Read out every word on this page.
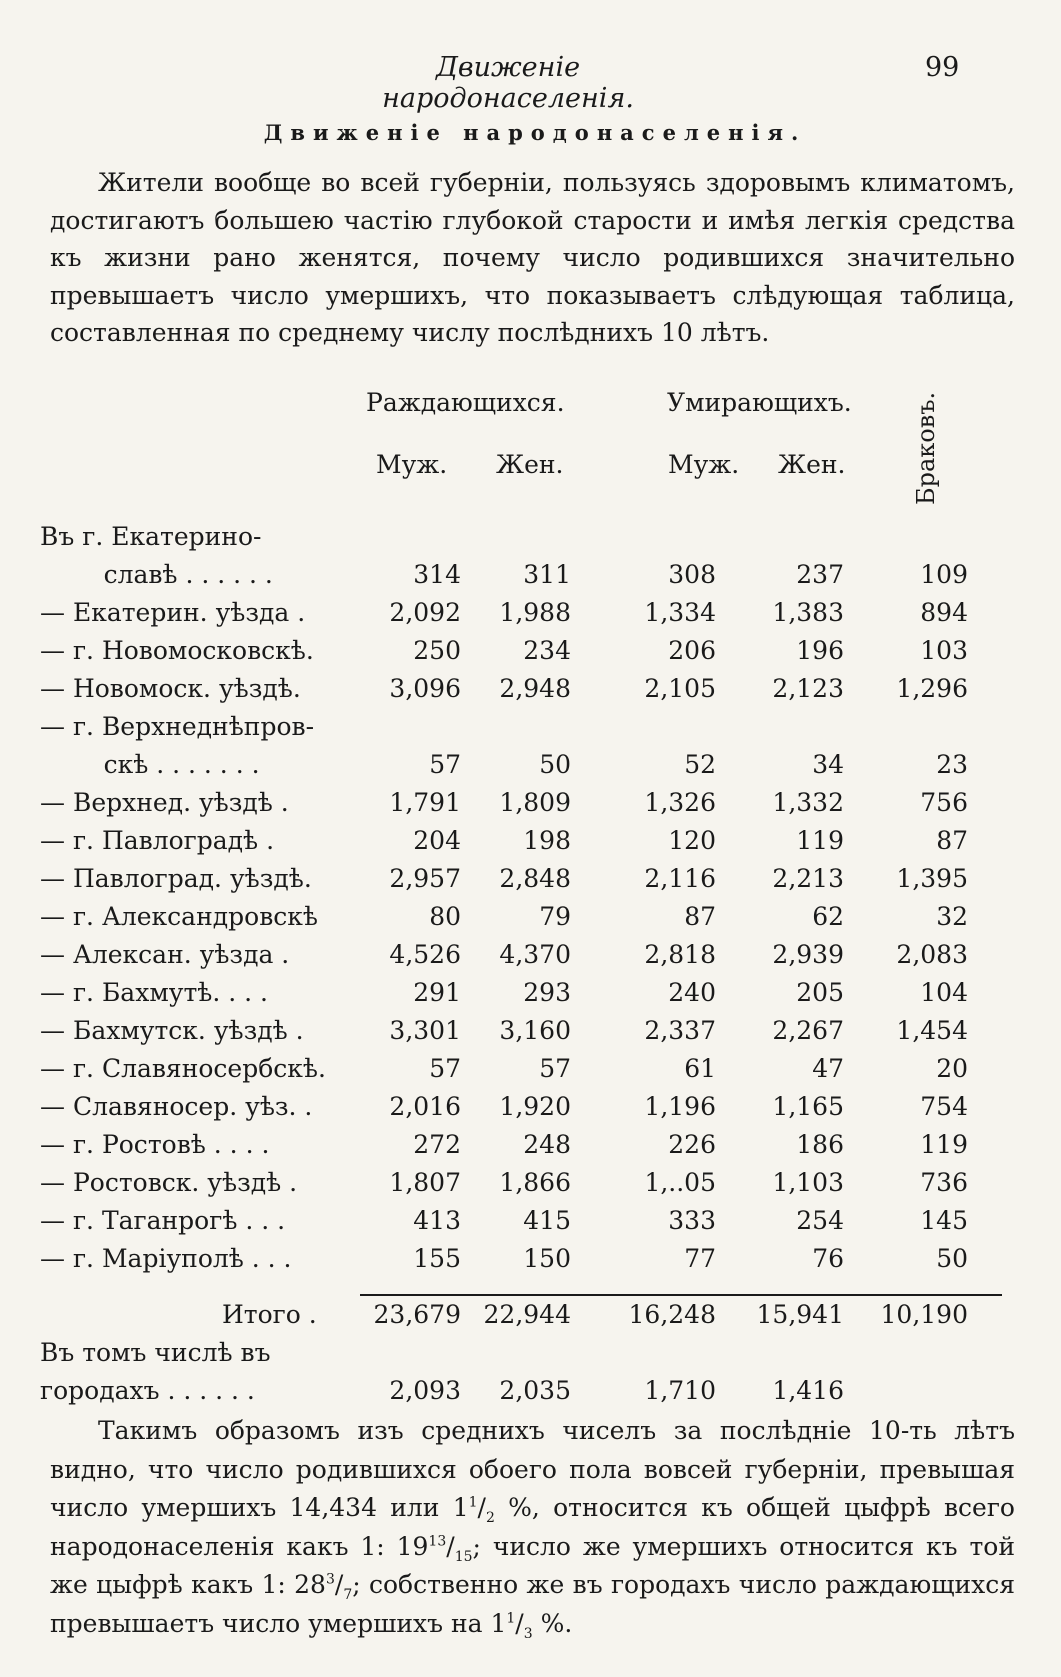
Движеніе народонаселенія.
99
Движеніе народонаселенія.
Жители вообще во всей губерніи, пользуясь здоровымъ климатомъ, достигаютъ большею частію глубокой старости и имѣя легкія средства къ жизни рано женятся, почему число родившихся значительно превышаетъ число умершихъ, что показываетъ слѣдующая таблица, составленная по среднему числу послѣднихъ 10 лѣтъ.
Раждающихся.	Умирающихъ.	Браковъ.
Муж. Жен.	Муж. Жен.
Въ г. Екатерино-
славѣ . . . . . .	314 311	308	237	109
— Екатерин. уѣзда .	2,092 1,988	1,334 1,383	894
— г. Новомосковскѣ.	250 234	206	196	103
— Новомоск. уѣздѣ.	3,096 2,948	2,105 2,123 1,296
— г. Верхнеднѣпров-
скѣ . . . . . . .	57	50	52	34	23
— Верхнед. уѣздѣ .	1,791 1,809	1,326 1,332	756
— г. Павлоградѣ .	204 198	120	119	87
— Павлоград. уѣздѣ.	2,957 2,848	2,116 2,213 1,395
— г. Александровскѣ	80	79	87	62	32
— Алексан. уѣзда .	4,526 4,370	2,818 2,939 2,083
— г. Бахмутѣ. . . .	291 293	240	205	104
— Бахмутск. уѣздѣ .	3,301 3,160	2,337 2,267 1,454
— г. Славяносербскѣ.	57	57	61	47	20
— Славяносер. уѣз. .	2,016 1,920	1,196 1,165	754
— г. Ростовѣ . . . .	272 248	226	186	119
— Ростовск. уѣздѣ .	1,807 1,866	1,..05 1,103	736
— г. Таганрогѣ . . .	413 415	333	254	145
— г. Маріуполѣ . . .	155 150	77	76	50
Итого . 23,679 22,944 16,248 15,941 10,190
Въ томъ числѣ въ
городахъ . . . . . .	2,093 2,035	1,710 1,416
Такимъ образомъ изъ среднихъ чиселъ за послѣдніе 10-ть лѣтъ видно, что число родившихся обоего пола вовсей губерніи, превышая число умершихъ 14,434 или $1^1/_2$ %, относится къ общей цыфрѣ всего народонаселенія какъ 1: $19^{13}/_{15}$; число же умершихъ относится къ той же цыфрѣ какъ 1: $28^3/_7$; собственно же въ городахъ число раждающихся превышаетъ число умершихъ на $1^1/_3$ %.
